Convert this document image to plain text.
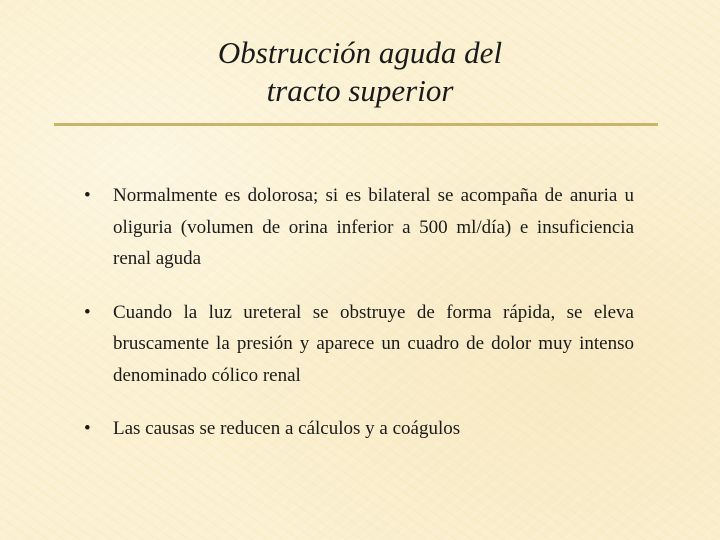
Obstrucción aguda del
tracto superior
• Normalmente es dolorosa; si es bilateral se acompaña de anuria u oliguria (volumen de orina inferior a 500 ml/día) e insuficiencia renal aguda
• Cuando la luz ureteral se obstruye de forma rápida, se eleva bruscamente la presión y aparece un cuadro de dolor muy intenso denominado cólico renal
• Las causas se reducen a cálculos y a coágulos
